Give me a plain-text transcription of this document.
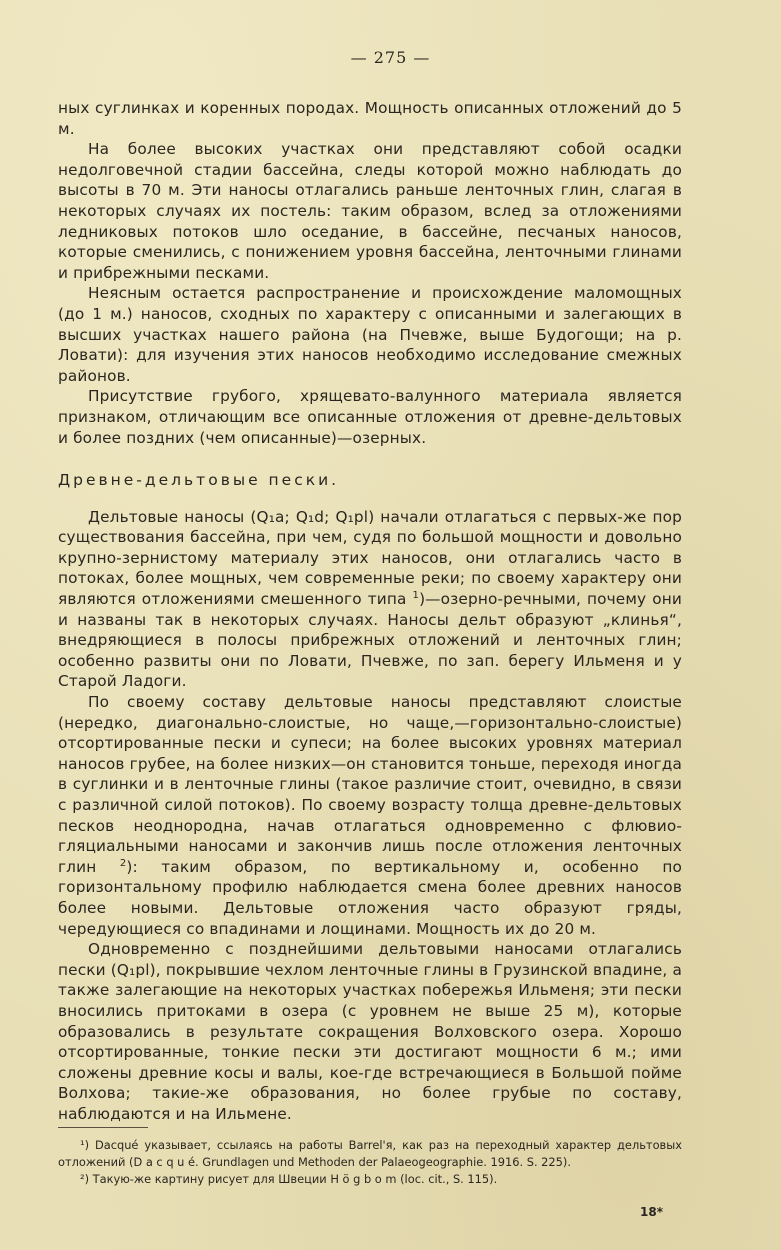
— 275 —

ных суглинках и коренных породах. Мощность описанных отложений до 5 м.

На более высоких участках они представляют собой осадки недолговечной стадии бассейна, следы которой можно наблюдать до высоты в 70 м. Эти наносы отлагались раньше ленточных глин, слагая в некоторых случаях их постель: таким образом, вслед за отложениями ледниковых потоков шло оседание, в бассейне, песчаных наносов, которые сменились, с понижением уровня бассейна, ленточными глинами и прибрежными песками.

Неясным остается распространение и происхождение маломощных (до 1 м.) наносов, сходных по характеру с описанными и залегающих в высших участках нашего района (на Пчевже, выше Будогощи; на р. Ловати): для изучения этих наносов необходимо исследование смежных районов.

Присутствие грубого, хрящевато-валунного материала является признаком, отличающим все описанные отложения от древне-дельтовых и более поздних (чем описанные)—озерных.

Древне-дельтовые пески.

Дельтовые наносы (Q₁a; Q₁d; Q₁pl) начали отлагаться с первых-же пор существования бассейна, при чем, судя по большой мощности и довольно крупно-зернистому материалу этих наносов, они отлагались часто в потоках, более мощных, чем современные реки; по своему характеру они являются отложениями смешенного типа $^1$)—озерно-речными, почему они и названы так в некоторых случаях. Наносы дельт образуют „клинья“, внедряющиеся в полосы прибрежных отложений и ленточных глин; особенно развиты они по Ловати, Пчевже, по зап. берегу Ильменя и у Старой Ладоги.

По своему составу дельтовые наносы представляют слоистые (нередко, диагонально-слоистые, но чаще,—горизонтально-слоистые) отсортированные пески и супеси; на более высоких уровнях материал наносов грубее, на более низких—он становится тоньше, переходя иногда в суглинки и в ленточные глины (такое различие стоит, очевидно, в связи с различной силой потоков). По своему возрасту толща древне-дельтовых песков неоднородна, начав отлагаться одновременно с флювио-гляциальными наносами и закончив лишь после отложения ленточных глин $^2$): таким образом, по вертикальному и, особенно по горизонтальному профилю наблюдается смена более древних наносов более новыми. Дельтовые отложения часто образуют гряды, чередующиеся со впадинами и лощинами. Мощность их до 20 м.

Одновременно с позднейшими дельтовыми наносами отлагались пески (Q₁pl), покрывшие чехлом ленточные глины в Грузинской впадине, а также залегающие на некоторых участках побережья Ильменя; эти пески вносились притоками в озера (с уровнем не выше 25 м), которые образовались в результате сокращения Волховского озера. Хорошо отсортированные, тонкие пески эти достигают мощности 6 м.; ими сложены древние косы и валы, кое-где встречающиеся в Большой пойме Волхова; такие-же образования, но более грубые по составу, наблюдаются и на Ильмене.

¹) Dacqué указывает, ссылаясь на работы Barrel'я, как раз на переходный характер дельтовых отложений (D a c q u é. Grundlagen und Methoden der Palaeogeographie. 1916. S. 225).

²) Такую-же картину рисует для Швеции H ö g b o m (loc. cit., S. 115).

18*
